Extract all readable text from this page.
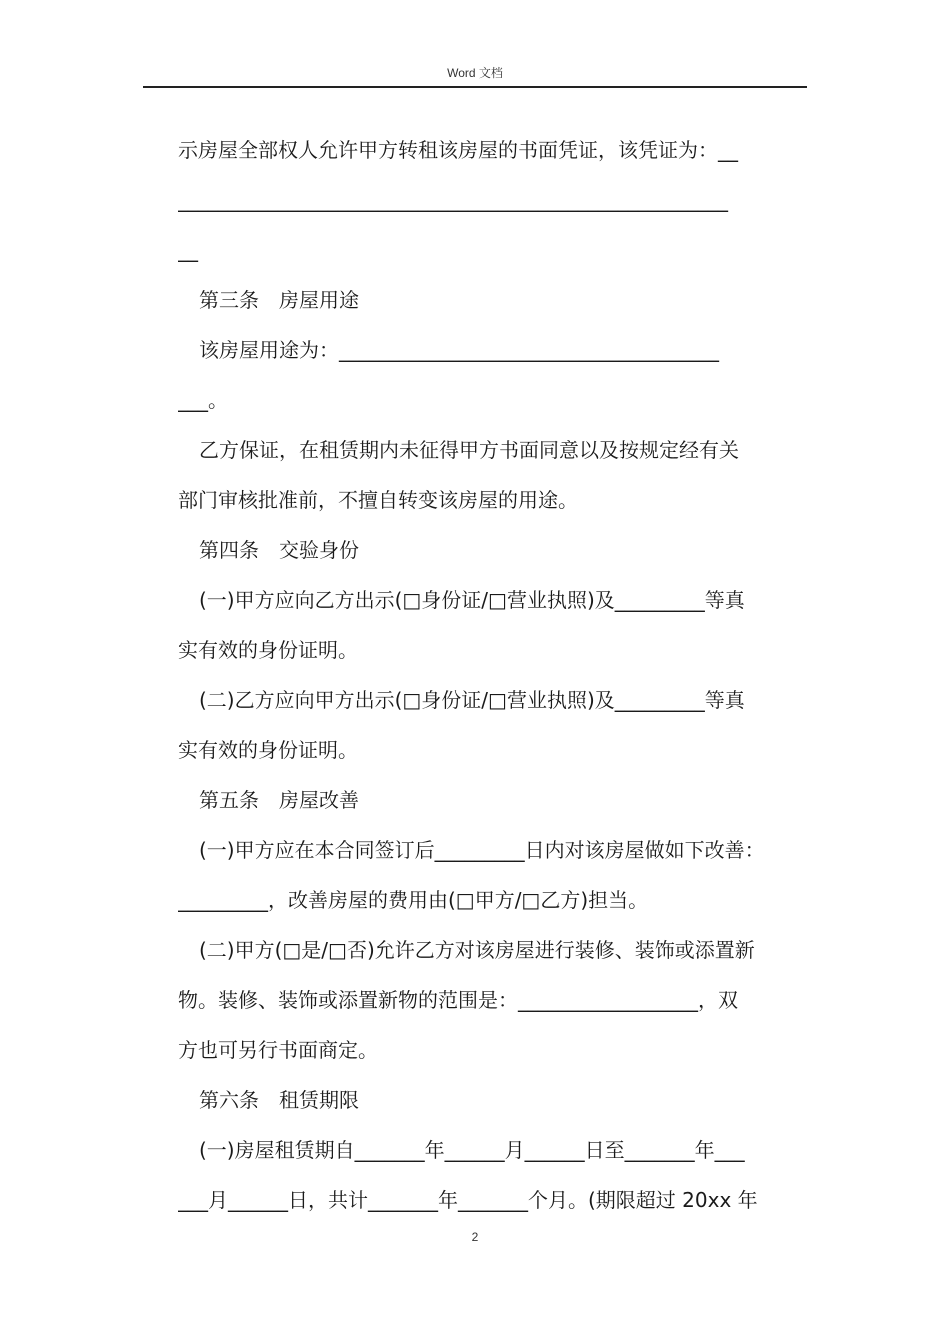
Word 文档
示房屋全部权人允许甲方转租该房屋的书面凭证，该凭证为：__
_______________________________________________________
__
第三条　房屋用途
该房屋用途为：______________________________________
___。
乙方保证，在租赁期内未征得甲方书面同意以及按规定经有关
部门审核批准前，不擅自转变该房屋的用途。
第四条　交验身份
(一)甲方应向乙方出示(□身份证/□营业执照)及_________等真
实有效的身份证明。
(二)乙方应向甲方出示(□身份证/□营业执照)及_________等真
实有效的身份证明。
第五条　房屋改善
(一)甲方应在本合同签订后_________日内对该房屋做如下改善：
_________，改善房屋的费用由(□甲方/□乙方)担当。
(二)甲方(□是/□否)允许乙方对该房屋进行装修、装饰或添置新
物。装修、装饰或添置新物的范围是：__________________，双
方也可另行书面商定。
第六条　租赁期限
(一)房屋租赁期自_______年______月______日至_______年___
___月______日，共计_______年_______个月。(期限超过 20xx 年
2
